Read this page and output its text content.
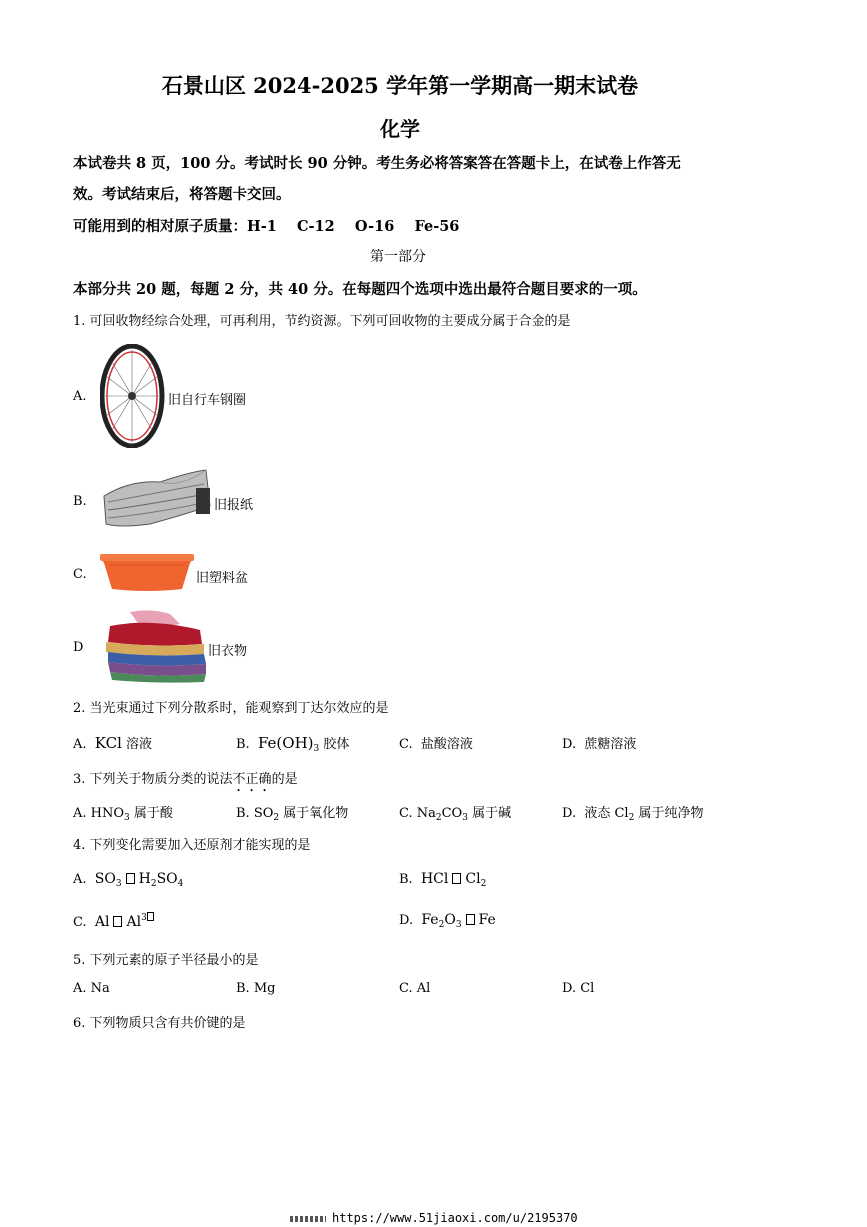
石景山区 2024-2025 学年第一学期高一期末试卷
化学
本试卷共 8 页，100 分。考试时长 90 分钟。考生务必将答案答在答题卡上，在试卷上作答无
效。考试结束后，将答题卡交回。
可能用到的相对原子质量：H-1    C-12    O-16    Fe-56
第一部分
本部分共 20 题，每题 2 分，共 40 分。在每题四个选项中选出最符合题目要求的一项。
1. 可回收物经综合处理，可再利用，节约资源。下列可回收物的主要成分属于合金的是
A.	旧自行车钢圈
B.	旧报纸
C.	旧塑料盆
D	旧衣物
2. 当光束通过下列分散系时，能观察到丁达尔效应的是
A. KCl 溶液	B. $Fe(OH)_3$ 胶体	C.  盐酸溶液	D.  蔗糖溶液
3. 下列关于物质分类的说法不正确的是
A. $HNO_3$ 属于酸	B. $SO_2$ 属于氧化物	C. $Na_2CO_3$ 属于碱	D.  液态 $Cl_2$ 属于纯净物
4. 下列变化需要加入还原剂才能实现的是
A. $SO_3$ $H_2SO_4$	B. HCl $Cl_2$
C. Al Al$^3$	D. $Fe_2O_3$ Fe
5. 下列元素的原子半径最小的是
A. Na	B. Mg	C. Al	D. Cl
6. 下列物质只含有共价键的是
https://www.51jiaoxi.com/u/2195370
